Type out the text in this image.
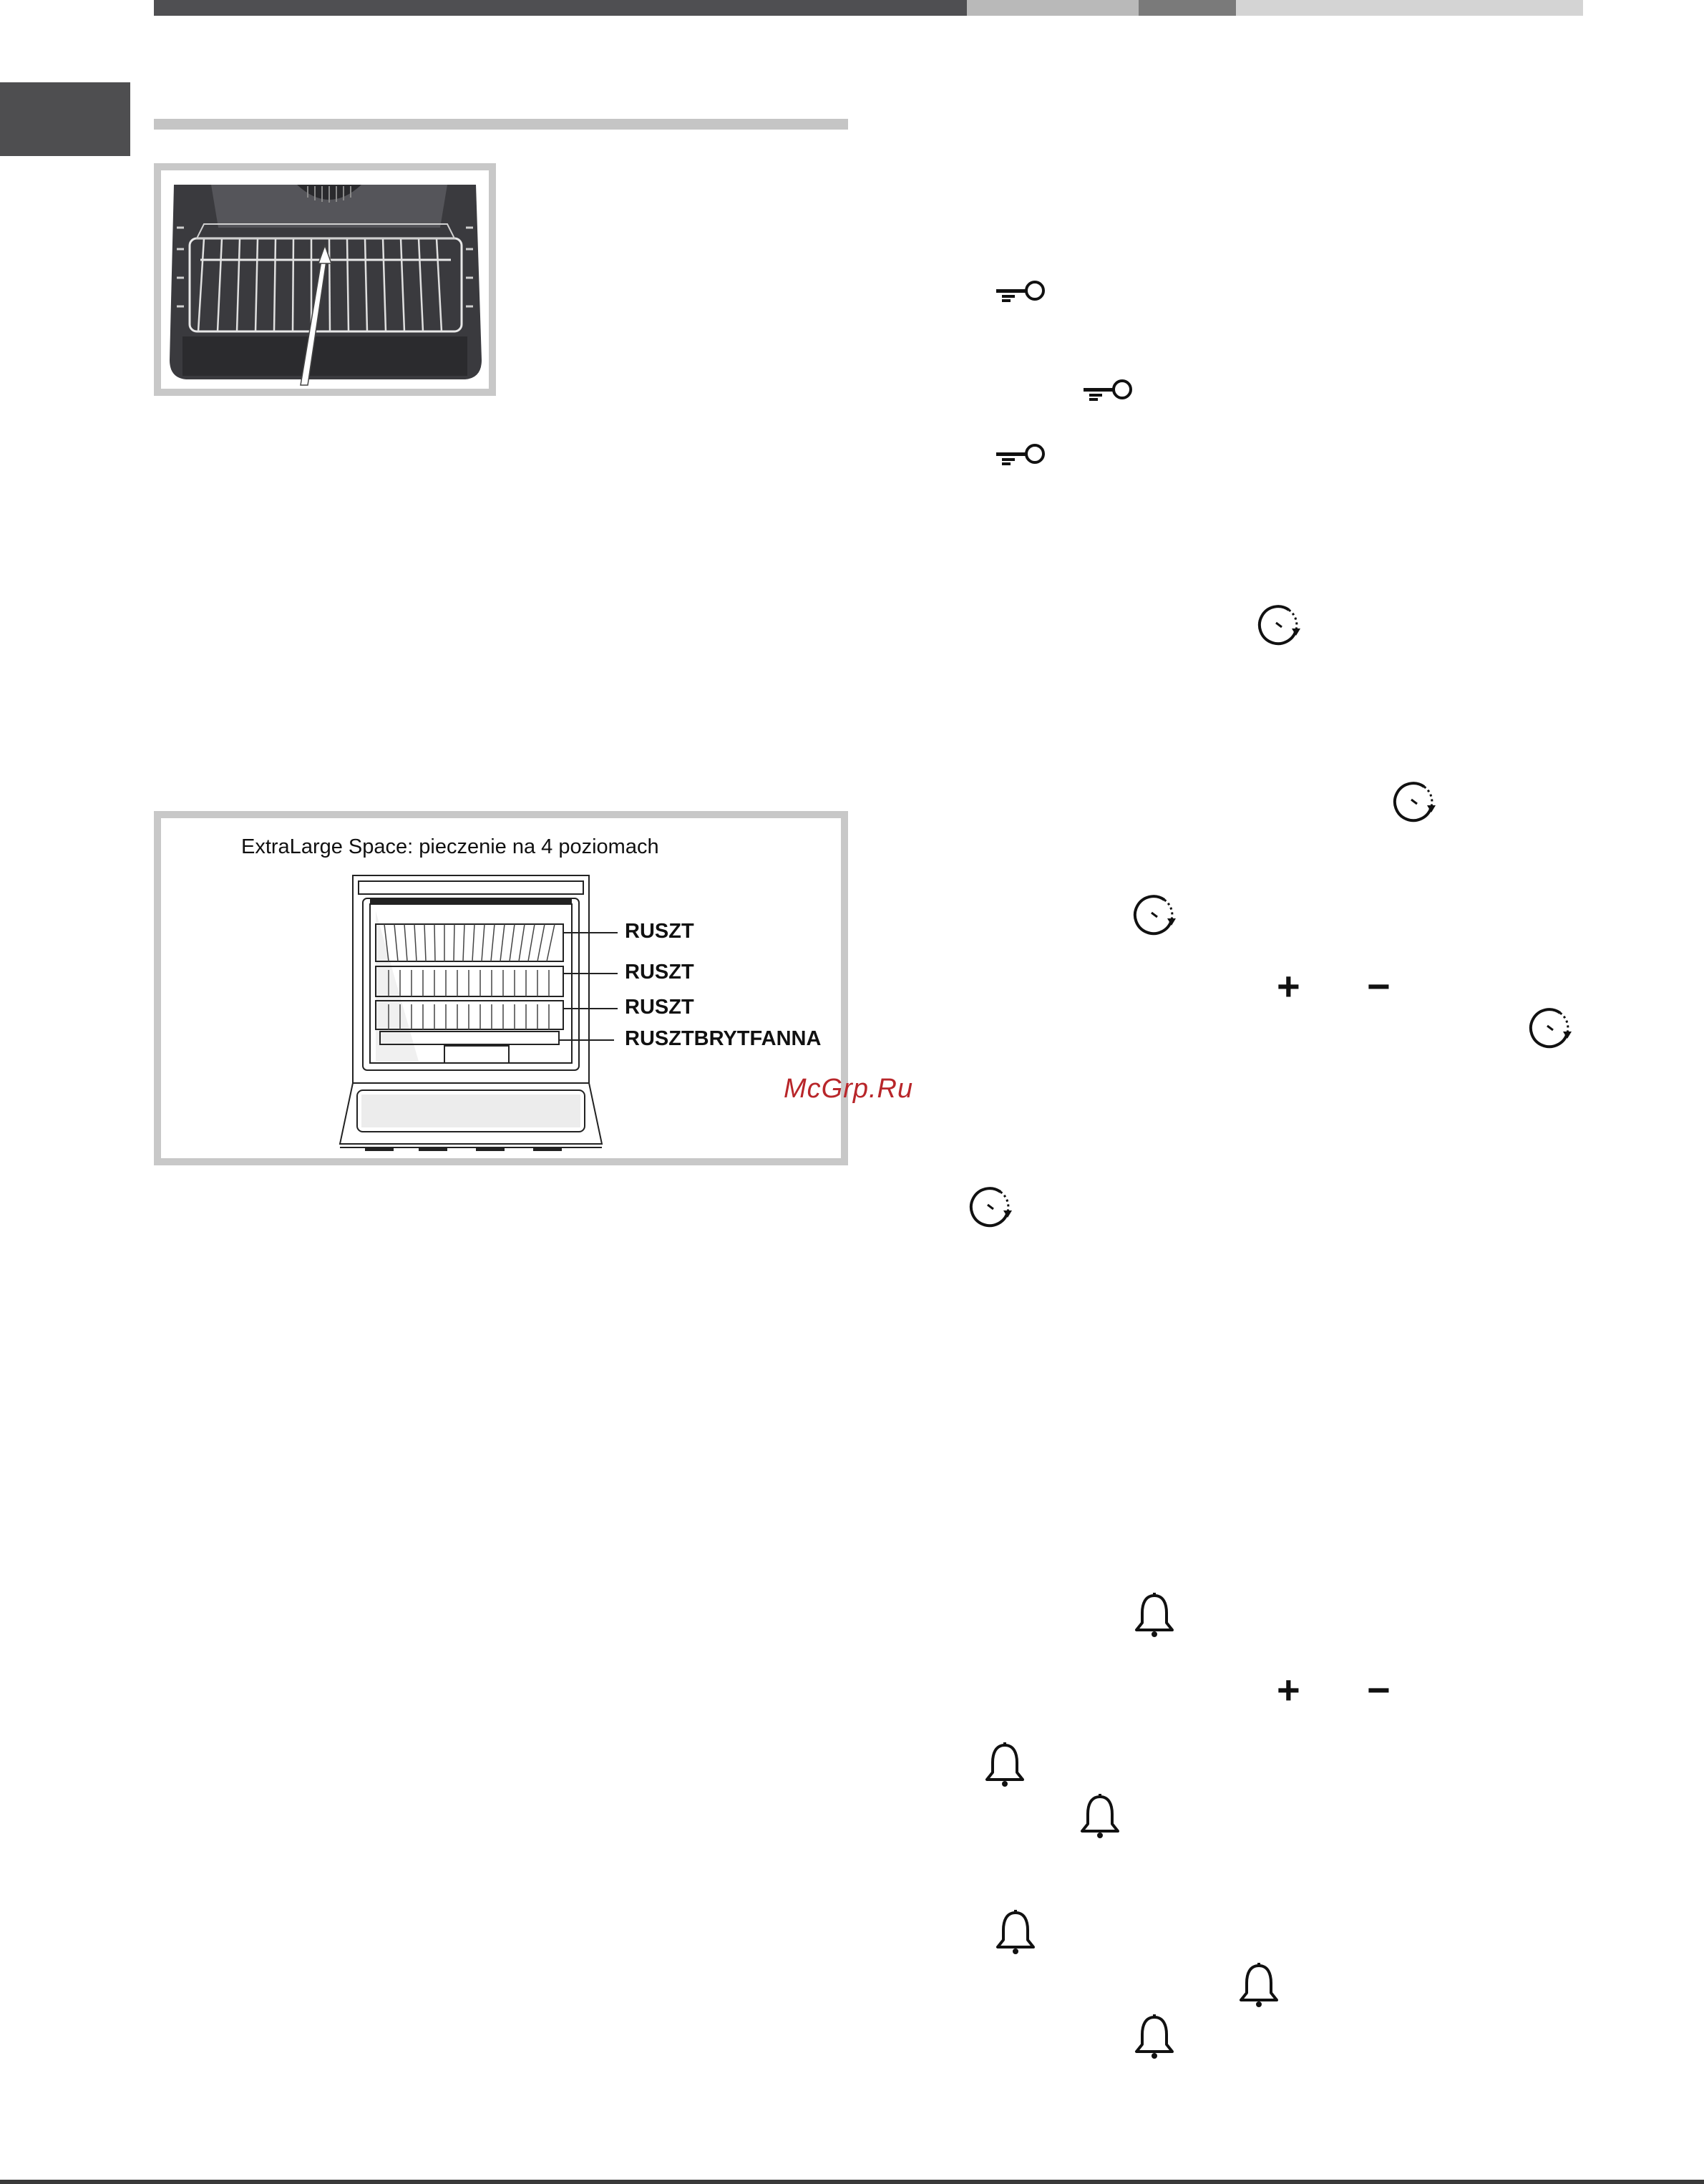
ExtraLarge Space: pieczenie na 4 poziomach
RUSZT
RUSZT
RUSZT
RUSZTBRYTFANNA
McGrp.Ru
+ −
+ −
